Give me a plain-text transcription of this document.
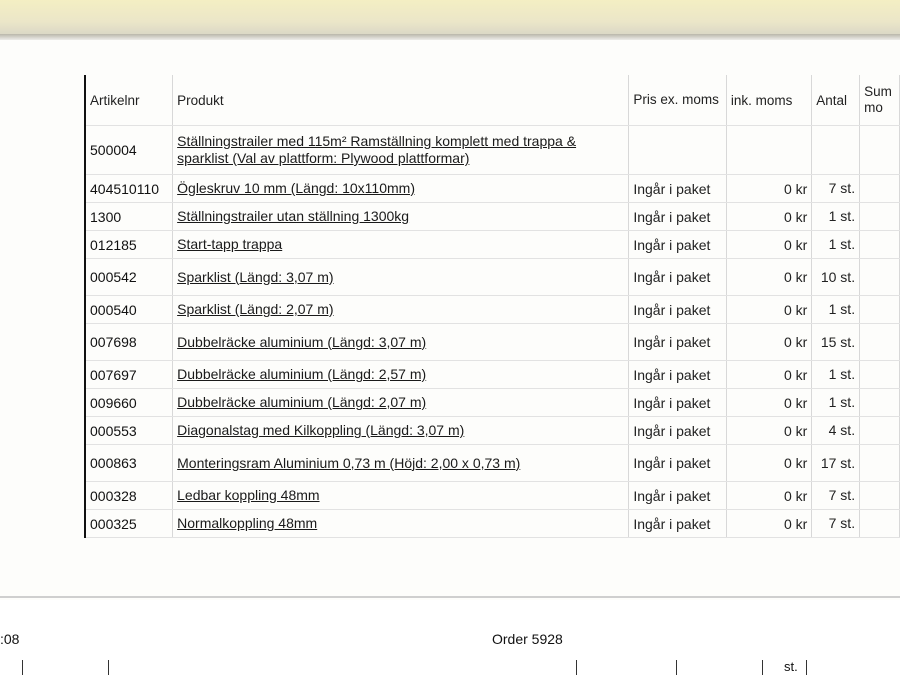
Artikelnr	Produkt	Pris ex. moms	ink. moms	Antal	Sum mo
500004	Ställningstrailer med 115m² Ramställning komplett med trappa & sparklist (Val av plattform: Plywood plattformar)				
404510110	Ögleskruv 10 mm (Längd: 10x110mm)	Ingår i paket	0 kr	7 st.	
1300	Ställningstrailer utan ställning 1300kg	Ingår i paket	0 kr	1 st.	
012185	Start-tapp trappa	Ingår i paket	0 kr	1 st.	
000542	Sparklist (Längd: 3,07 m)	Ingår i paket	0 kr	10 st.	
000540	Sparklist (Längd: 2,07 m)	Ingår i paket	0 kr	1 st.	
007698	Dubbelräcke aluminium (Längd: 3,07 m)	Ingår i paket	0 kr	15 st.	
007697	Dubbelräcke aluminium (Längd: 2,57 m)	Ingår i paket	0 kr	1 st.	
009660	Dubbelräcke aluminium (Längd: 2,07 m)	Ingår i paket	0 kr	1 st.	
000553	Diagonalstag med Kilkoppling (Längd: 3,07 m)	Ingår i paket	0 kr	4 st.	
000863	Monteringsram Aluminium 0,73 m (Höjd: 2,00 x 0,73 m)	Ingår i paket	0 kr	17 st.	
000328	Ledbar koppling 48mm	Ingår i paket	0 kr	7 st.	
000325	Normalkoppling 48mm	Ingår i paket	0 kr	7 st.	
:08	Order 5928
st.
